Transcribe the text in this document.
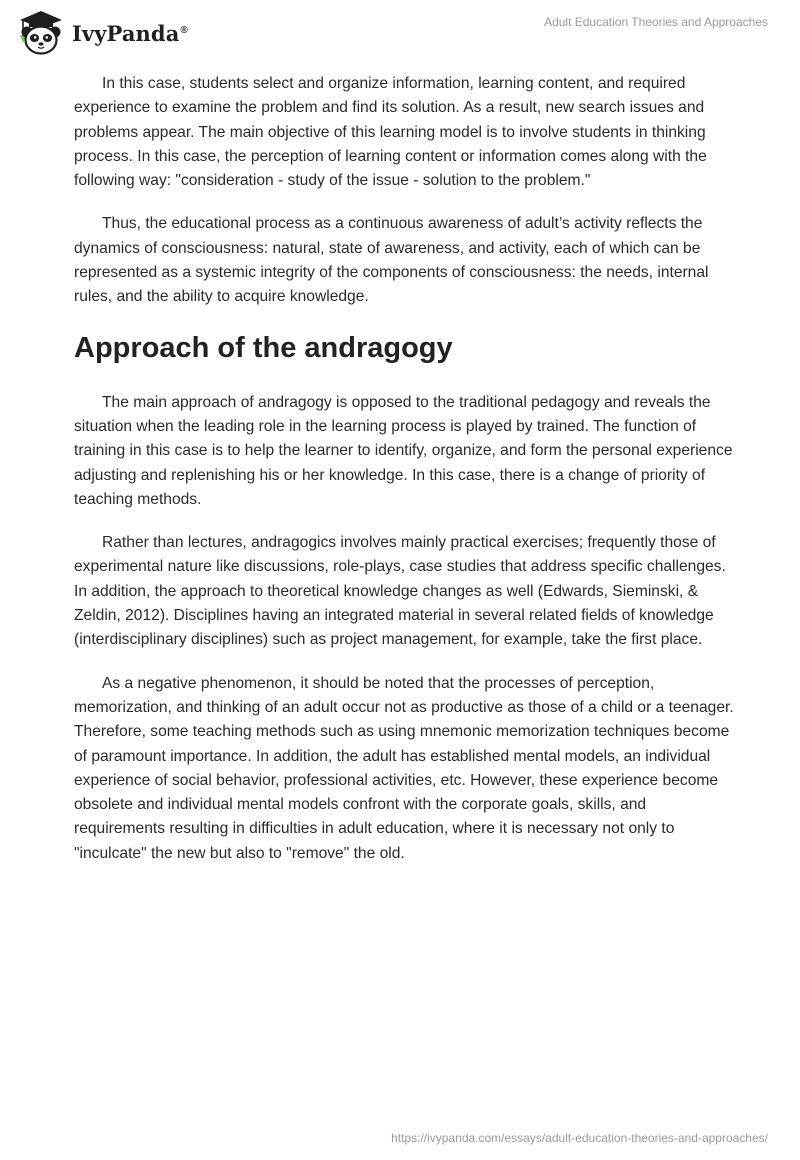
IvyPanda®
Adult Education Theories and Approaches

In this case, students select and organize information, learning content, and required experience to examine the problem and find its solution. As a result, new search issues and problems appear. The main objective of this learning model is to involve students in thinking process. In this case, the perception of learning content or information comes along with the following way: "consideration - study of the issue - solution to the problem."

Thus, the educational process as a continuous awareness of adult’s activity reflects the dynamics of consciousness: natural, state of awareness, and activity, each of which can be represented as a systemic integrity of the components of consciousness: the needs, internal rules, and the ability to acquire knowledge.

Approach of the andragogy

The main approach of andragogy is opposed to the traditional pedagogy and reveals the situation when the leading role in the learning process is played by trained. The function of training in this case is to help the learner to identify, organize, and form the personal experience adjusting and replenishing his or her knowledge. In this case, there is a change of priority of teaching methods.

Rather than lectures, andragogics involves mainly practical exercises; frequently those of experimental nature like discussions, role-plays, case studies that address specific challenges. In addition, the approach to theoretical knowledge changes as well (Edwards, Sieminski, & Zeldin, 2012). Disciplines having an integrated material in several related fields of knowledge (interdisciplinary disciplines) such as project management, for example, take the first place.

As a negative phenomenon, it should be noted that the processes of perception, memorization, and thinking of an adult occur not as productive as those of a child or a teenager. Therefore, some teaching methods such as using mnemonic memorization techniques become of paramount importance. In addition, the adult has established mental models, an individual experience of social behavior, professional activities, etc. However, these experience become obsolete and individual mental models confront with the corporate goals, skills, and requirements resulting in difficulties in adult education, where it is necessary not only to "inculcate" the new but also to "remove" the old.

https://ivypanda.com/essays/adult-education-theories-and-approaches/
